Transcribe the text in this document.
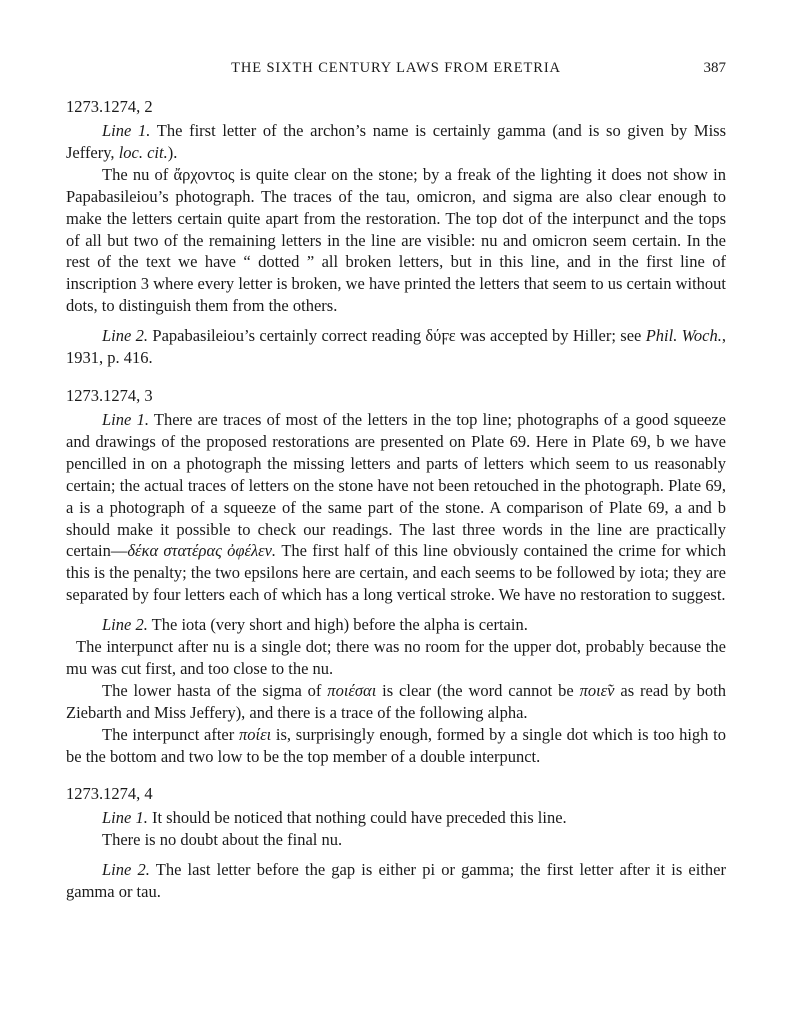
THE SIXTH CENTURY LAWS FROM ERETRIA	387
1273.1274, 2

Line 1. The first letter of the archon’s name is certainly gamma (and is so given by Miss Jeffery, loc. cit.).

The nu of ἄρχοντος is quite clear on the stone; by a freak of the lighting it does not show in Papabasileiou’s photograph. The traces of the tau, omicron, and sigma are also clear enough to make the letters certain quite apart from the restoration. The top dot of the interpunct and the tops of all but two of the remaining letters in the line are visible: nu and omicron seem certain. In the rest of the text we have “ dotted ” all broken letters, but in this line, and in the first line of inscription 3 where every letter is broken, we have printed the letters that seem to us certain without dots, to distinguish them from the others.

Line 2. Papabasileiou’s certainly correct reading δύϝε was accepted by Hiller; see Phil. Woch., 1931, p. 416.

1273.1274, 3

Line 1. There are traces of most of the letters in the top line; photographs of a good squeeze and drawings of the proposed restorations are presented on Plate 69. Here in Plate 69, b we have pencilled in on a photograph the missing letters and parts of letters which seem to us reasonably certain; the actual traces of letters on the stone have not been retouched in the photograph. Plate 69, a is a photograph of a squeeze of the same part of the stone. A comparison of Plate 69, a and b should make it possible to check our readings. The last three words in the line are practically certain—δέκα στατέρας ὀφέλεν. The first half of this line obviously contained the crime for which this is the penalty; the two epsilons here are certain, and each seems to be followed by iota; they are separated by four letters each of which has a long vertical stroke. We have no restoration to suggest.

Line 2. The iota (very short and high) before the alpha is certain.

The interpunct after nu is a single dot; there was no room for the upper dot, probably because the mu was cut first, and too close to the nu.

The lower hasta of the sigma of ποιέσαι is clear (the word cannot be ποιε̃ν as read by both Ziebarth and Miss Jeffery), and there is a trace of the following alpha.

The interpunct after ποίει is, surprisingly enough, formed by a single dot which is too high to be the bottom and two low to be the top member of a double interpunct.

1273.1274, 4

Line 1. It should be noticed that nothing could have preceded this line.

There is no doubt about the final nu.

Line 2. The last letter before the gap is either pi or gamma; the first letter after it is either gamma or tau.
